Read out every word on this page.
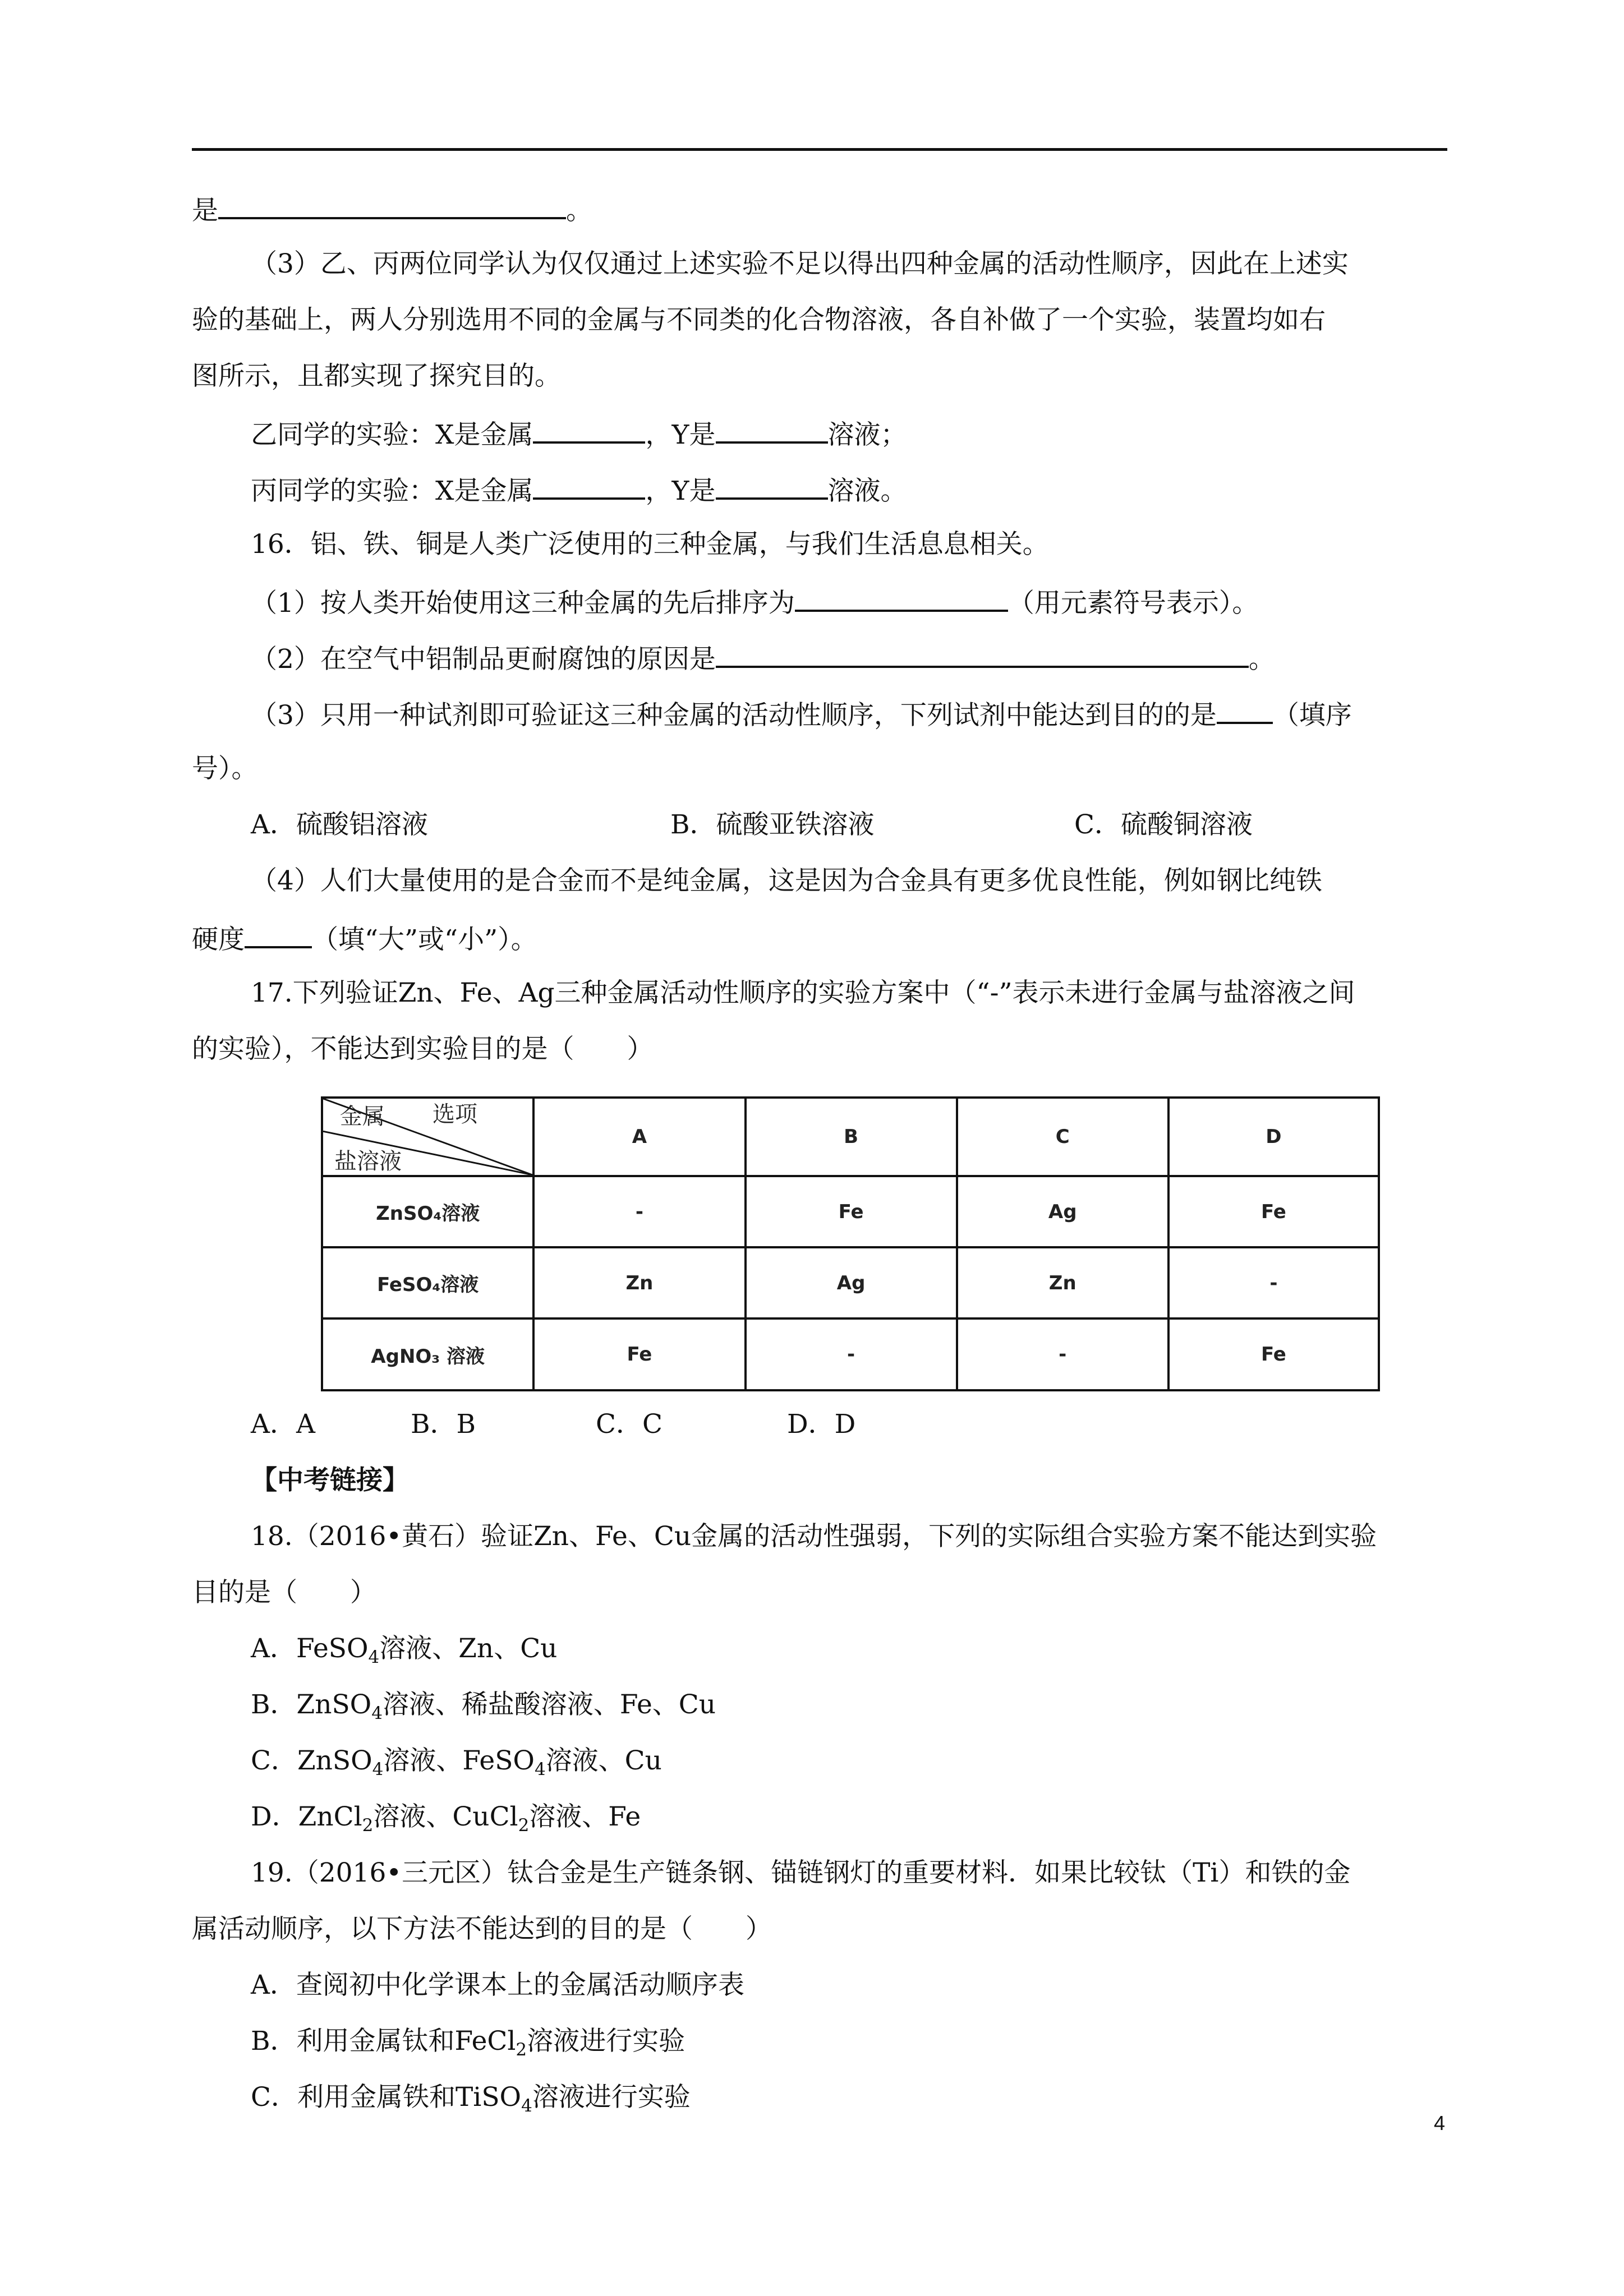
是	。
（3）乙、丙两位同学认为仅仅通过上述实验不足以得出四种金属的活动性顺序，因此在上述实
验的基础上，两人分别选用不同的金属与不同类的化合物溶液，各自补做了一个实验，装置均如右
图所示，且都实现了探究目的。
乙同学的实验：X是金属	，Y是	溶液；
丙同学的实验：X是金属	，Y是	溶液。
16．铝、铁、铜是人类广泛使用的三种金属，与我们生活息息相关。
（1）按人类开始使用这三种金属的先后排序为	（用元素符号表示）。
（2）在空气中铝制品更耐腐蚀的原因是	。
（3）只用一种试剂即可验证这三种金属的活动性顺序，下列试剂中能达到目的的是 （填序
号）。
A．硫酸铝溶液	B．硫酸亚铁溶液	C．硫酸铜溶液
（4）人们大量使用的是合金而不是纯金属，这是因为合金具有更多优良性能，例如钢比纯铁
硬度	（填“大”或“小”）。
17.下列验证Zn、Fe、Ag三种金属活动性顺序的实验方案中（“-”表示未进行金属与盐溶液之间
的实验），不能达到实验目的是（　　）
金属 选项
盐溶液	A	B	C	D
ZnSO₄溶液	-	Fe	Ag	Fe
FeSO₄溶液	Zn	Ag	Zn	-
AgNO₃ 溶液	Fe	-	-	Fe
A．A	B．B	C．C	D．D
【中考链接】
18.（2016•黄石）验证Zn、Fe、Cu金属的活动性强弱，下列的实际组合实验方案不能达到实验
目的是（　　）
A．FeSO$_4$溶液、Zn、Cu
B．ZnSO$_4$溶液、稀盐酸溶液、Fe、Cu
C．ZnSO$_4$溶液、FeSO$_4$溶液、Cu
D．ZnCl$_2$溶液、CuCl$_2$溶液、Fe
19.（2016•三元区）钛合金是生产链条钢、锚链钢灯的重要材料．如果比较钛（Ti）和铁的金
属活动顺序，以下方法不能达到的目的是（　　）
A．查阅初中化学课本上的金属活动顺序表
B．利用金属钛和FeCl$_2$溶液进行实验
C．利用金属铁和TiSO$_4$溶液进行实验
4
